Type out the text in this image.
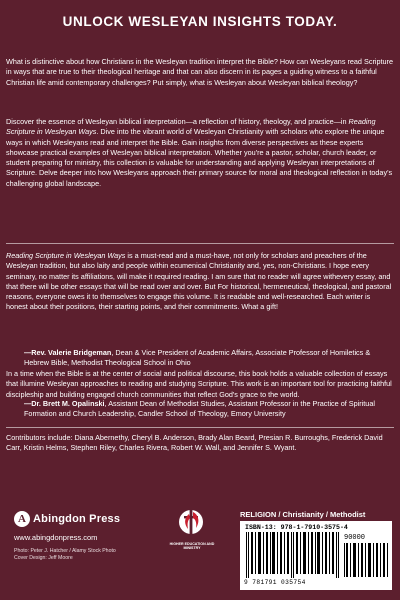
UNLOCK WESLEYAN INSIGHTS TODAY.

What is distinctive about how Christians in the Wesleyan tradition interpret the Bible? How can Wesleyans read Scripture in ways that are true to their theological heritage and that can also discern in its pages a guiding witness to a faithful Christian life amid contemporary challenges? Put simply, what is Wesleyan about Wesleyan biblical theology?

Discover the essence of Wesleyan biblical interpretation—a reflection of history, theology, and practice—in Reading Scripture in Wesleyan Ways. Dive into the vibrant world of Wesleyan Christianity with scholars who explore the unique ways in which Wesleyans read and interpret the Bible. Gain insights from diverse perspectives as these experts showcase practical examples of Wesleyan biblical interpretation. Whether you're a pastor, scholar, church leader, or student preparing for ministry, this collection is valuable for understanding and applying Wesleyan interpretations of Scripture. Delve deeper into how Wesleyans approach their primary source for moral and theological reflection in today's challenging global landscape.

Reading Scripture in Wesleyan Ways is a must-read and a must-have, not only for scholars and preachers of the Wesleyan tradition, but also laity and people within ecumenical Christianity and, yes, non-Christians. I hope every seminary, no matter its affiliations, will make it required reading. I am sure that no reader will agree withevery essay, and that there will be other essays that will be read over and over. But For historical, hermeneutical, theological, and pastoral reasons, everyone owes it to themselves to engage this volume. It is readable and well-researched. Each writer is honest about their positions, their starting points, and their commitments. What a gift!

—Rev. Valerie Bridgeman, Dean & Vice President of Academic Affairs, Associate Professor of Homiletics & Hebrew Bible, Methodist Theological School in Ohio

In a time when the Bible is at the center of social and political discourse, this book holds a valuable collection of essays that illumine Wesleyan approaches to reading and studying Scripture. This work is an important tool for practicing faithful discipleship and building engaged church communities that reflect God's grace to the world.

—Dr. Brett M. Opalinski, Assistant Dean of Methodist Studies, Assistant Professor in the Practice of Spiritual Formation and Church Leadership, Candler School of Theology, Emory University

Contributors include: Diana Abernethy, Cheryl B. Anderson, Brady Alan Beard, Presian R. Burroughs, Frederick David Carr, Kristin Helms, Stephen Riley, Charles Rivera, Robert W. Wall, and Jennifer S. Wyant.

A Abingdon Press
www.abingdonpress.com
Photo: Peter J. Hatcher / Alamy Stock Photo
Cover Design: Jeff Moore
HIGHER EDUCATION AND MINISTRY
RELIGION / Christianity / Methodist
ISBN-13: 978-1-7910-3575-4
90000
9 781791 035754
